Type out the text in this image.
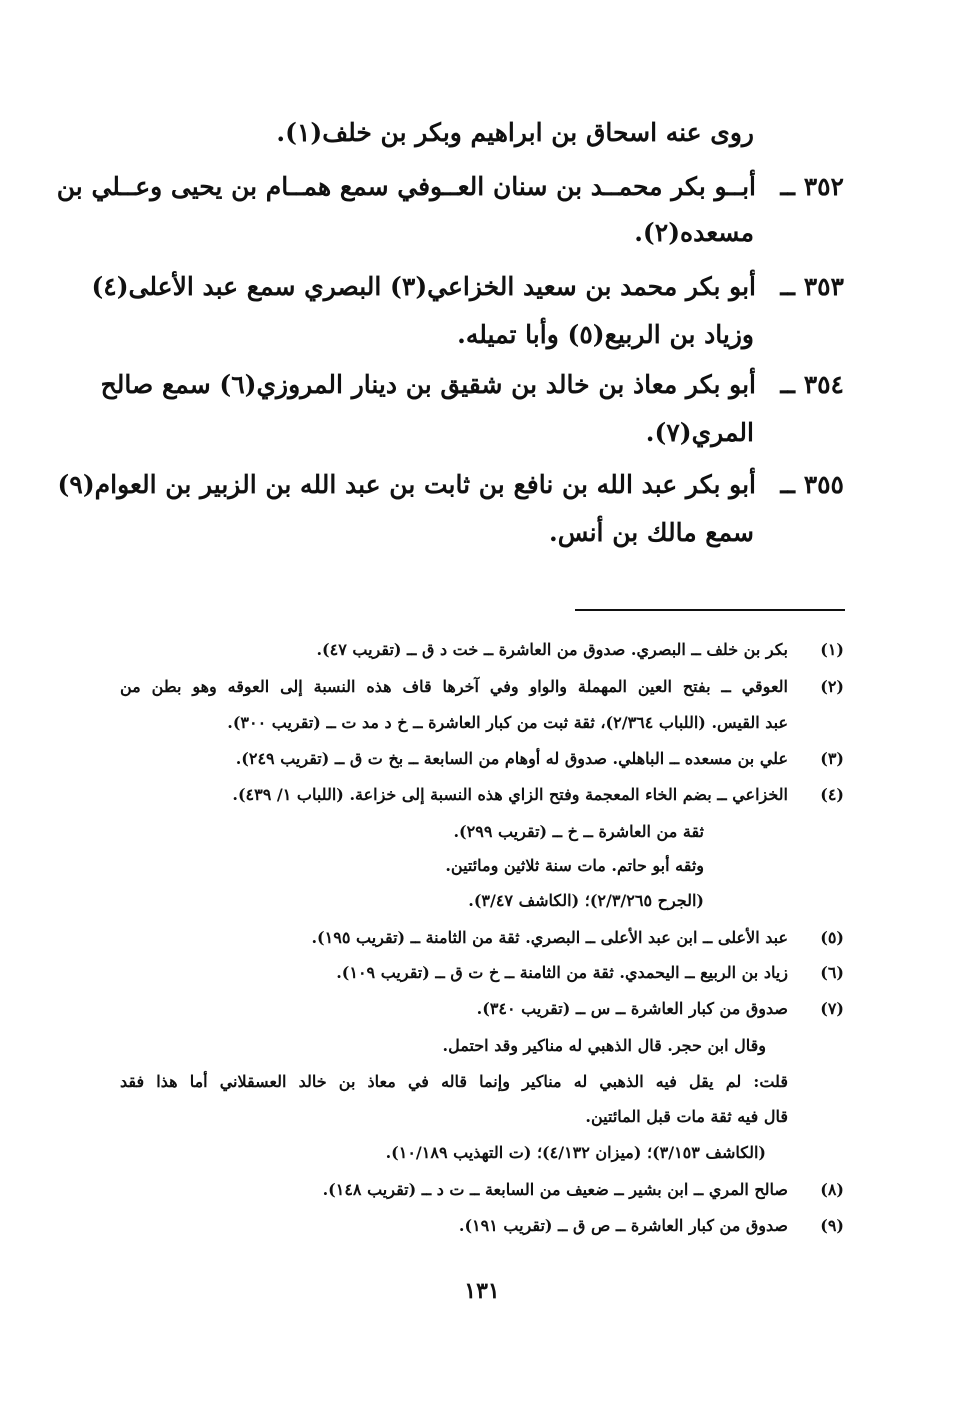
روى عنه اسحاق بن ابراهيم وبكر بن خلف(١).
٣٥٢ ــ
أبــو بكر محمــد بن سنان العــوفي سمع همــام بن يحيى وعــلي بن
مسعده(٢).
٣٥٣ ــ
أبو بكر محمد بن سعيد الخزاعي(٣) البصري سمع عبد الأعلى(٤)
وزياد بن الربيع(٥) وأبا تميله.
٣٥٤ ــ
أبو بكر معاذ بن خالد بن شقيق بن دينار المروزي(٦) سمع صالح
المري(٧).
٣٥٥ ــ
أبو بكر عبد الله بن نافع بن ثابت بن عبد الله بن الزبير بن العوام(٩)
سمع مالك بن أنس.
(١)
بكر بن خلف ــ البصري. صدوق من العاشرة ــ خت د ق ــ (تقريب ٤٧).
(٢)
العوقي ــ بفتح العين المهملة والواو وفي آخرها قاف هذه النسبة إلى العوقه وهو بطن من
عبد القيس. (اللباب ٢/٣٦٤)، ثقة ثبت من كبار العاشرة ــ خ د مد ت ــ (تقريب ٣٠٠).
(٣)
علي بن مسعده ــ الباهلي. صدوق له أوهام من السابعة ــ بخ ت ق ــ (تقريب ٢٤٩).
(٤)
الخزاعي ــ بضم الخاء المعجمة وفتح الزاي هذه النسبة إلى خزاعة. (اللباب ١/ ٤٣٩).
ثقة من العاشرة ــ خ ــ (تقريب ٢٩٩).
وثقه أبو حاتم. مات سنة ثلاثين ومائتين.
(الجرح ٢/٣/٢٦٥)؛ (الكاشف ٣/٤٧).
(٥)
عبد الأعلى ــ ابن عبد الأعلى ــ البصري. ثقة من الثامنة ــ (تقريب ١٩٥).
(٦)
زياد بن الربيع ــ اليحمدي. ثقة من الثامنة ــ خ ت ق ــ (تقريب ١٠٩).
(٧)
صدوق من كبار العاشرة ــ س ــ (تقريب ٣٤٠).
وقال ابن حجر. قال الذهبي له مناكير وقد احتمل.
قلت: لم يقل فيه الذهبي له مناكير وإنما قاله في معاذ بن خالد العسقلاني أما هذا فقد
قال فيه ثقة مات قبل المائتين.
(الكاشف ٣/١٥٣)؛ (ميزان ٤/١٣٢)؛ (ت التهذيب ١٠/١٨٩).
(٨)
صالح المري ــ ابن بشير ــ ضعيف من السابعة ــ ت د ــ (تقريب ١٤٨).
(٩)
صدوق من كبار العاشرة ــ ص ق ــ (تقريب ١٩١).
١٣١
